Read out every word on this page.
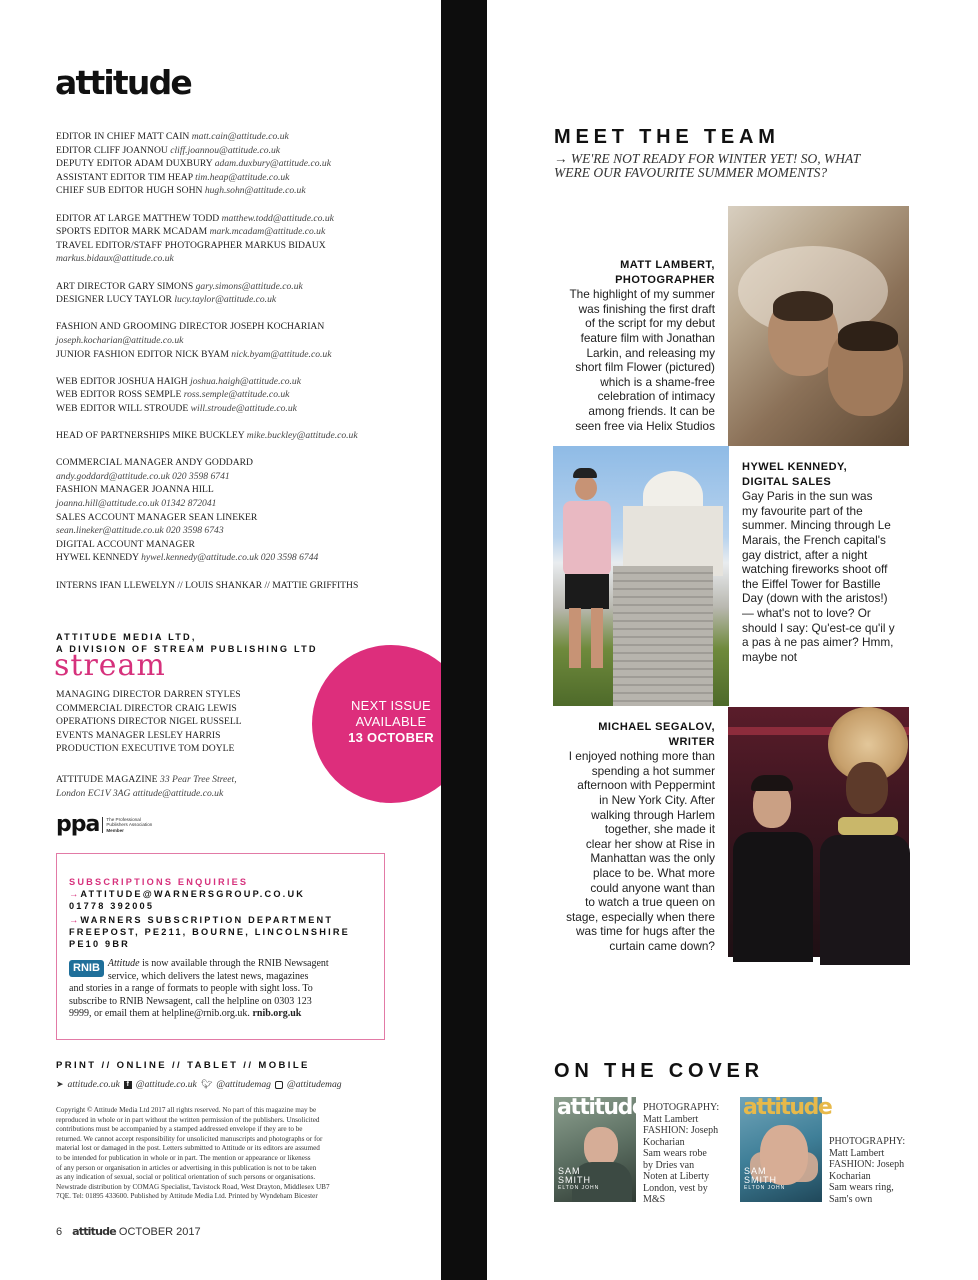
attitude
EDITOR IN CHIEF MATT CAIN matt.cain@attitude.co.uk
EDITOR CLIFF JOANNOU cliff.joannou@attitude.co.uk
DEPUTY EDITOR ADAM DUXBURY adam.duxbury@attitude.co.uk
ASSISTANT EDITOR TIM HEAP tim.heap@attitude.co.uk
CHIEF SUB EDITOR HUGH SOHN hugh.sohn@attitude.co.uk
EDITOR AT LARGE MATTHEW TODD matthew.todd@attitude.co.uk
SPORTS EDITOR MARK MCADAM mark.mcadam@attitude.co.uk
TRAVEL EDITOR/STAFF PHOTOGRAPHER MARKUS BIDAUX
markus.bidaux@attitude.co.uk
ART DIRECTOR GARY SIMONS gary.simons@attitude.co.uk
DESIGNER LUCY TAYLOR lucy.taylor@attitude.co.uk
FASHION AND GROOMING DIRECTOR JOSEPH KOCHARIAN
joseph.kocharian@attitude.co.uk
JUNIOR FASHION EDITOR NICK BYAM nick.byam@attitude.co.uk
WEB EDITOR JOSHUA HAIGH joshua.haigh@attitude.co.uk
WEB EDITOR ROSS SEMPLE ross.semple@attitude.co.uk
WEB EDITOR WILL STROUDE will.stroude@attitude.co.uk
HEAD OF PARTNERSHIPS MIKE BUCKLEY mike.buckley@attitude.co.uk
COMMERCIAL MANAGER ANDY GODDARD
andy.goddard@attitude.co.uk 020 3598 6741
FASHION MANAGER JOANNA HILL
joanna.hill@attitude.co.uk 01342 872041
SALES ACCOUNT MANAGER SEAN LINEKER
sean.lineker@attitude.co.uk 020 3598 6743
DIGITAL ACCOUNT MANAGER
HYWEL KENNEDY hywel.kennedy@attitude.co.uk 020 3598 6744
INTERNS IFAN LLEWELYN // LOUIS SHANKAR // MATTIE GRIFFITHS
ATTITUDE MEDIA LTD,
A DIVISION OF STREAM PUBLISHING LTD
stream
MANAGING DIRECTOR DARREN STYLES
COMMERCIAL DIRECTOR CRAIG LEWIS
OPERATIONS DIRECTOR NIGEL RUSSELL
EVENTS MANAGER LESLEY HARRIS
PRODUCTION EXECUTIVE TOM DOYLE
ATTITUDE MAGAZINE 33 Pear Tree Street,
London EC1V 3AG attitude@attitude.co.uk
ppa The Professional
Publishers Association
Member
NEXT ISSUE
AVAILABLE
13 OCTOBER
SUBSCRIPTIONS ENQUIRIES
→ATTITUDE@WARNERSGROUP.CO.UK
01778 392005
→WARNERS SUBSCRIPTION DEPARTMENT
FREEPOST, PE211, BOURNE, LINCOLNSHIRE
PE10 9BR
RNIB Attitude is now available through the RNIB Newsagent
service, which delivers the latest news, magazines
and stories in a range of formats to people with sight loss. To
subscribe to RNIB Newsagent, call the helpline on 0303 123
9999, or email them at helpline@rnib.org.uk. rnib.org.uk
PRINT // ONLINE // TABLET // MOBILE
➤ attitude.co.uk f @attitude.co.uk 🐦︎ @attitudemag @attitudemag
Copyright © Attitude Media Ltd 2017 all rights reserved. No part of this magazine may be
reproduced in whole or in part without the written permission of the publishers. Unsolicited
contributions must be accompanied by a stamped addressed envelope if they are to be
returned. We cannot accept responsibility for unsolicited manuscripts and photographs or for
material lost or damaged in the post. Letters submitted to Attitude or its editors are assumed
to be intended for publication in whole or in part. The mention or appearance or likeness
of any person or organisation in articles or advertising in this publication is not to be taken
as any indication of sexual, social or political orientation of such persons or organisations.
Newstrade distribution by COMAG Specialist, Tavistock Road, West Drayton, Middlesex UB7
7QE. Tel: 01895 433600. Published by Attitude Media Ltd. Printed by Wyndeham Bicester
6 attitude OCTOBER 2017
MEET THE TEAM
→ WE'RE NOT READY FOR WINTER YET! SO, WHAT
WERE OUR FAVOURITE SUMMER MOMENTS?
MATT LAMBERT,
PHOTOGRAPHER
The highlight of my summer
was finishing the first draft
of the script for my debut
feature film with Jonathan
Larkin, and releasing my
short film Flower (pictured)
which is a shame-free
celebration of intimacy
among friends. It can be
seen free via Helix Studios
HYWEL KENNEDY,
DIGITAL SALES
Gay Paris in the sun was
my favourite part of the
summer. Mincing through Le
Marais, the French capital's
gay district, after a night
watching fireworks shoot off
the Eiffel Tower for Bastille
Day (down with the aristos!)
— what's not to love? Or
should I say: Qu'est-ce qu'il y
a pas à ne pas aimer? Hmm,
maybe not
MICHAEL SEGALOV,
WRITER
I enjoyed nothing more than
spending a hot summer
afternoon with Peppermint
in New York City. After
walking through Harlem
together, she made it
clear her show at Rise in
Manhattan was the only
place to be. What more
could anyone want than
to watch a true queen on
stage, especially when there
was time for hugs after the
curtain came down?
ON THE COVER
attitude
SAM
SMITH
ELTON JOHN
PHOTOGRAPHY:
Matt Lambert
FASHION: Joseph
Kocharian
Sam wears robe
by Dries van
Noten at Liberty
London, vest by
M&S
attitude
SAM
SMITH
ELTON JOHN
PHOTOGRAPHY:
Matt Lambert
FASHION: Joseph
Kocharian
Sam wears ring,
Sam's own
